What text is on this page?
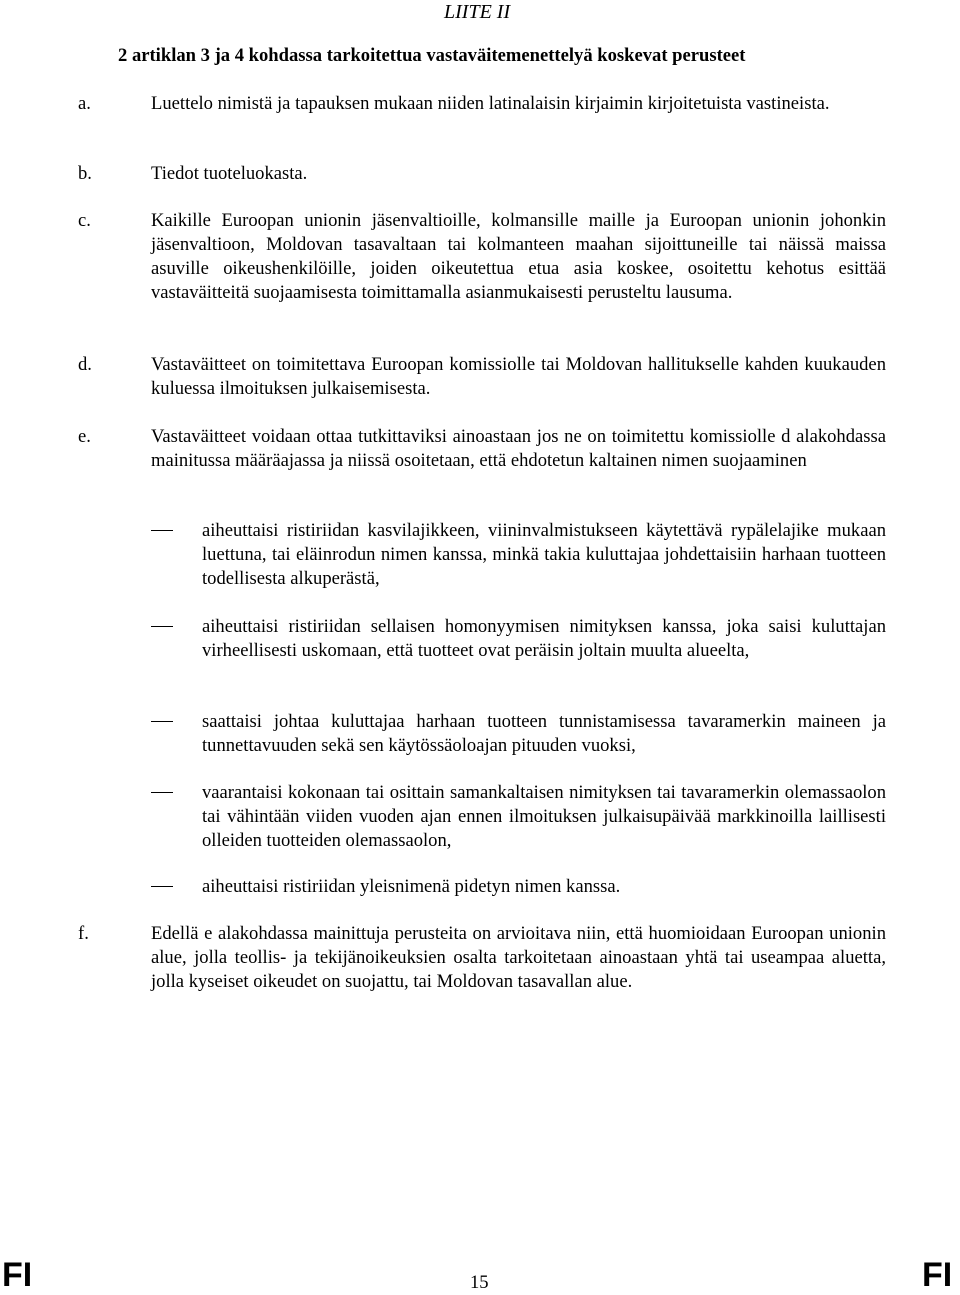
LIITE II
2 artiklan 3 ja 4 kohdassa tarkoitettua vastaväitemenettelyä koskevat perusteet
a.	Luettelo nimistä ja tapauksen mukaan niiden latinalaisin kirjaimin kirjoitetuista vastineista.
b.	Tiedot tuoteluokasta.
c.	Kaikille Euroopan unionin jäsenvaltioille, kolmansille maille ja Euroopan unionin johonkin jäsenvaltioon, Moldovan tasavaltaan tai kolmanteen maahan sijoittuneille tai näissä maissa asuville oikeushenkilöille, joiden oikeutettua etua asia koskee, osoitettu kehotus esittää vastaväitteitä suojaamisesta toimittamalla asianmukaisesti perusteltu lausuma.
d.	Vastaväitteet on toimitettava Euroopan komissiolle tai Moldovan hallitukselle kahden kuukauden kuluessa ilmoituksen julkaisemisesta.
e.	Vastaväitteet voidaan ottaa tutkittaviksi ainoastaan jos ne on toimitettu komissiolle d alakohdassa mainitussa määräajassa ja niissä osoitetaan, että ehdotetun kaltainen nimen suojaaminen
aiheuttaisi ristiriidan kasvilajikkeen, viininvalmistukseen käytettävä rypälelajike mukaan luettuna, tai eläinrodun nimen kanssa, minkä takia kuluttajaa johdettaisiin harhaan tuotteen todellisesta alkuperästä,
aiheuttaisi ristiriidan sellaisen homonyymisen nimityksen kanssa, joka saisi kuluttajan virheellisesti uskomaan, että tuotteet ovat peräisin joltain muulta alueelta,
saattaisi johtaa kuluttajaa harhaan tuotteen tunnistamisessa tavaramerkin maineen ja tunnettavuuden sekä sen käytössäoloajan pituuden vuoksi,
vaarantaisi kokonaan tai osittain samankaltaisen nimityksen tai tavaramerkin olemassaolon tai vähintään viiden vuoden ajan ennen ilmoituksen julkaisupäivää markkinoilla laillisesti olleiden tuotteiden olemassaolon,
aiheuttaisi ristiriidan yleisnimenä pidetyn nimen kanssa.
f.	Edellä e alakohdassa mainittuja perusteita on arvioitava niin, että huomioidaan Euroopan unionin alue, jolla teollis- ja tekijänoikeuksien osalta tarkoitetaan ainoastaan yhtä tai useampaa aluetta, jolla kyseiset oikeudet on suojattu, tai Moldovan tasavallan alue.
FI	15	FI
